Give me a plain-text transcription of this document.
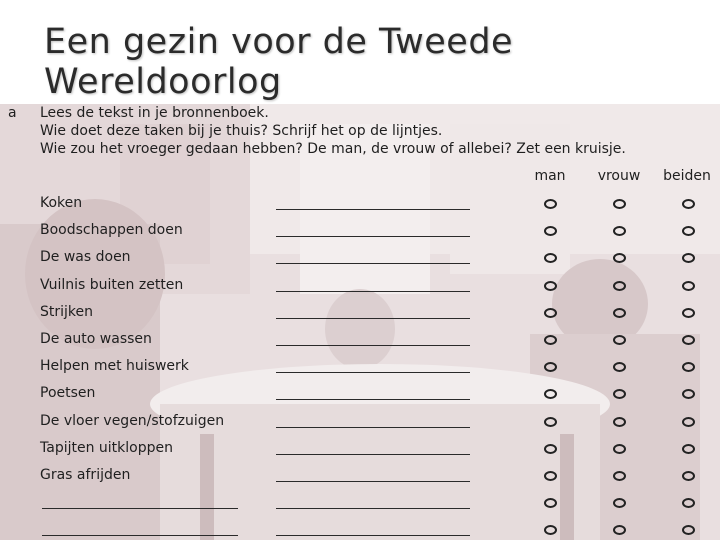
Een gezin voor de Tweede
Wereldoorlog
a Lees de tekst in je bronnenboek.
Wie doet deze taken bij je thuis? Schrijf het op de lijntjes.
Wie zou het vroeger gedaan hebben? De man, de vrouw of allebei? Zet een kruisje.
man	vrouw	beiden
Koken
Boodschappen doen
De was doen
Vuilnis buiten zetten
Strijken
De auto wassen
Helpen met huiswerk
Poetsen
De vloer vegen/stofzuigen
Tapijten uitkloppen
Gras afrijden
